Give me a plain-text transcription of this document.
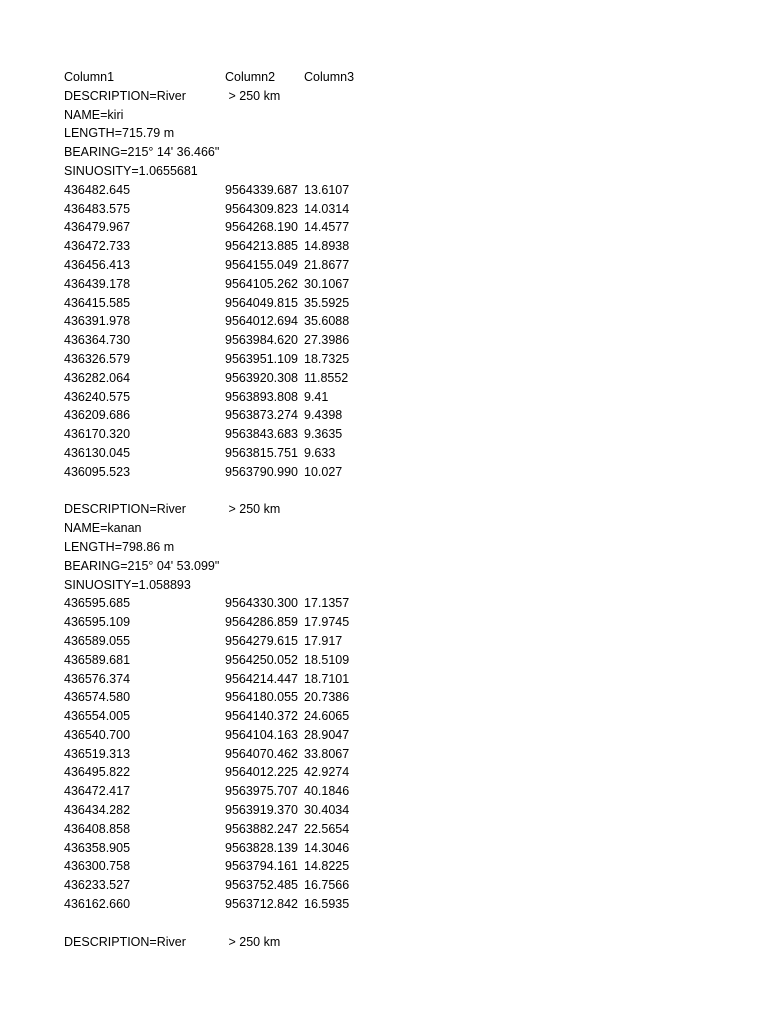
Column1	Column2 Column3
DESCRIPTION=River	> 250 km
NAME=kiri
LENGTH=715.79 m
BEARING=215° 14' 36.466"
SINUOSITY=1.0655681
436482.645	9564339.687 13.6107
436483.575	9564309.823 14.0314
436479.967	9564268.190 14.4577
436472.733	9564213.885 14.8938
436456.413	9564155.049 21.8677
436439.178	9564105.262 30.1067
436415.585	9564049.815 35.5925
436391.978	9564012.694 35.6088
436364.730	9563984.620 27.3986
436326.579	9563951.109 18.7325
436282.064	9563920.308 11.8552
436240.575	9563893.808 9.41
436209.686	9563873.274 9.4398
436170.320	9563843.683 9.3635
436130.045	9563815.751 9.633
436095.523	9563790.990 10.027
DESCRIPTION=River	> 250 km
NAME=kanan
LENGTH=798.86 m
BEARING=215° 04' 53.099"
SINUOSITY=1.058893
436595.685	9564330.300 17.1357
436595.109	9564286.859 17.9745
436589.055	9564279.615 17.917
436589.681	9564250.052 18.5109
436576.374	9564214.447 18.7101
436574.580	9564180.055 20.7386
436554.005	9564140.372 24.6065
436540.700	9564104.163 28.9047
436519.313	9564070.462 33.8067
436495.822	9564012.225 42.9274
436472.417	9563975.707 40.1846
436434.282	9563919.370 30.4034
436408.858	9563882.247 22.5654
436358.905	9563828.139 14.3046
436300.758	9563794.161 14.8225
436233.527	9563752.485 16.7566
436162.660	9563712.842 16.5935
DESCRIPTION=River	> 250 km
